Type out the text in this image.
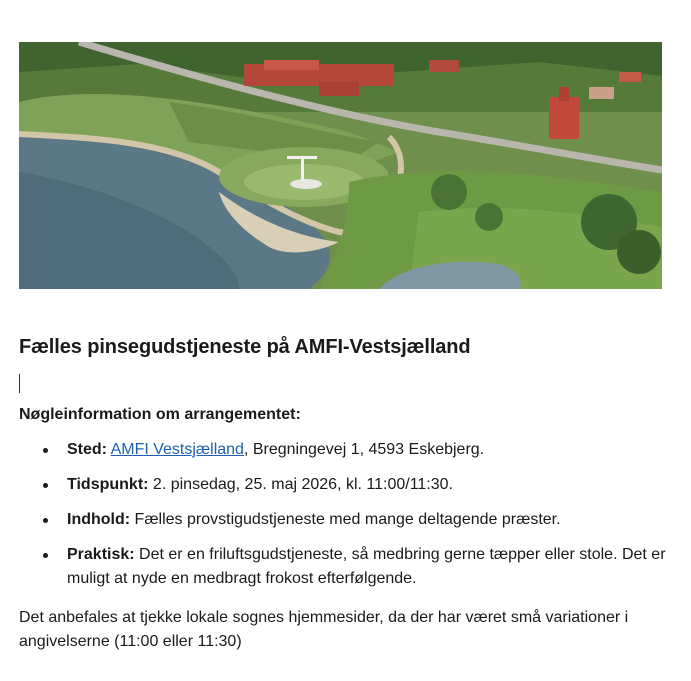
Fælles pinsegudstjeneste på AMFI-Vestsjælland

Nøgleinformation om arrangementet:

Sted: AMFI Vestsjælland, Bregningevej 1, 4593 Eskebjerg.
Tidspunkt: 2. pinsedag, 25. maj 2026, kl. 11:00/11:30.
Indhold: Fælles provstigudstjeneste med mange deltagende præster.
Praktisk: Det er en friluftsgudstjeneste, så medbring gerne tæpper eller stole. Det er muligt at nyde en medbragt frokost efterfølgende.

Det anbefales at tjekke lokale sognes hjemmesider, da der har været små variationer i angivelserne (11:00 eller 11:30)
